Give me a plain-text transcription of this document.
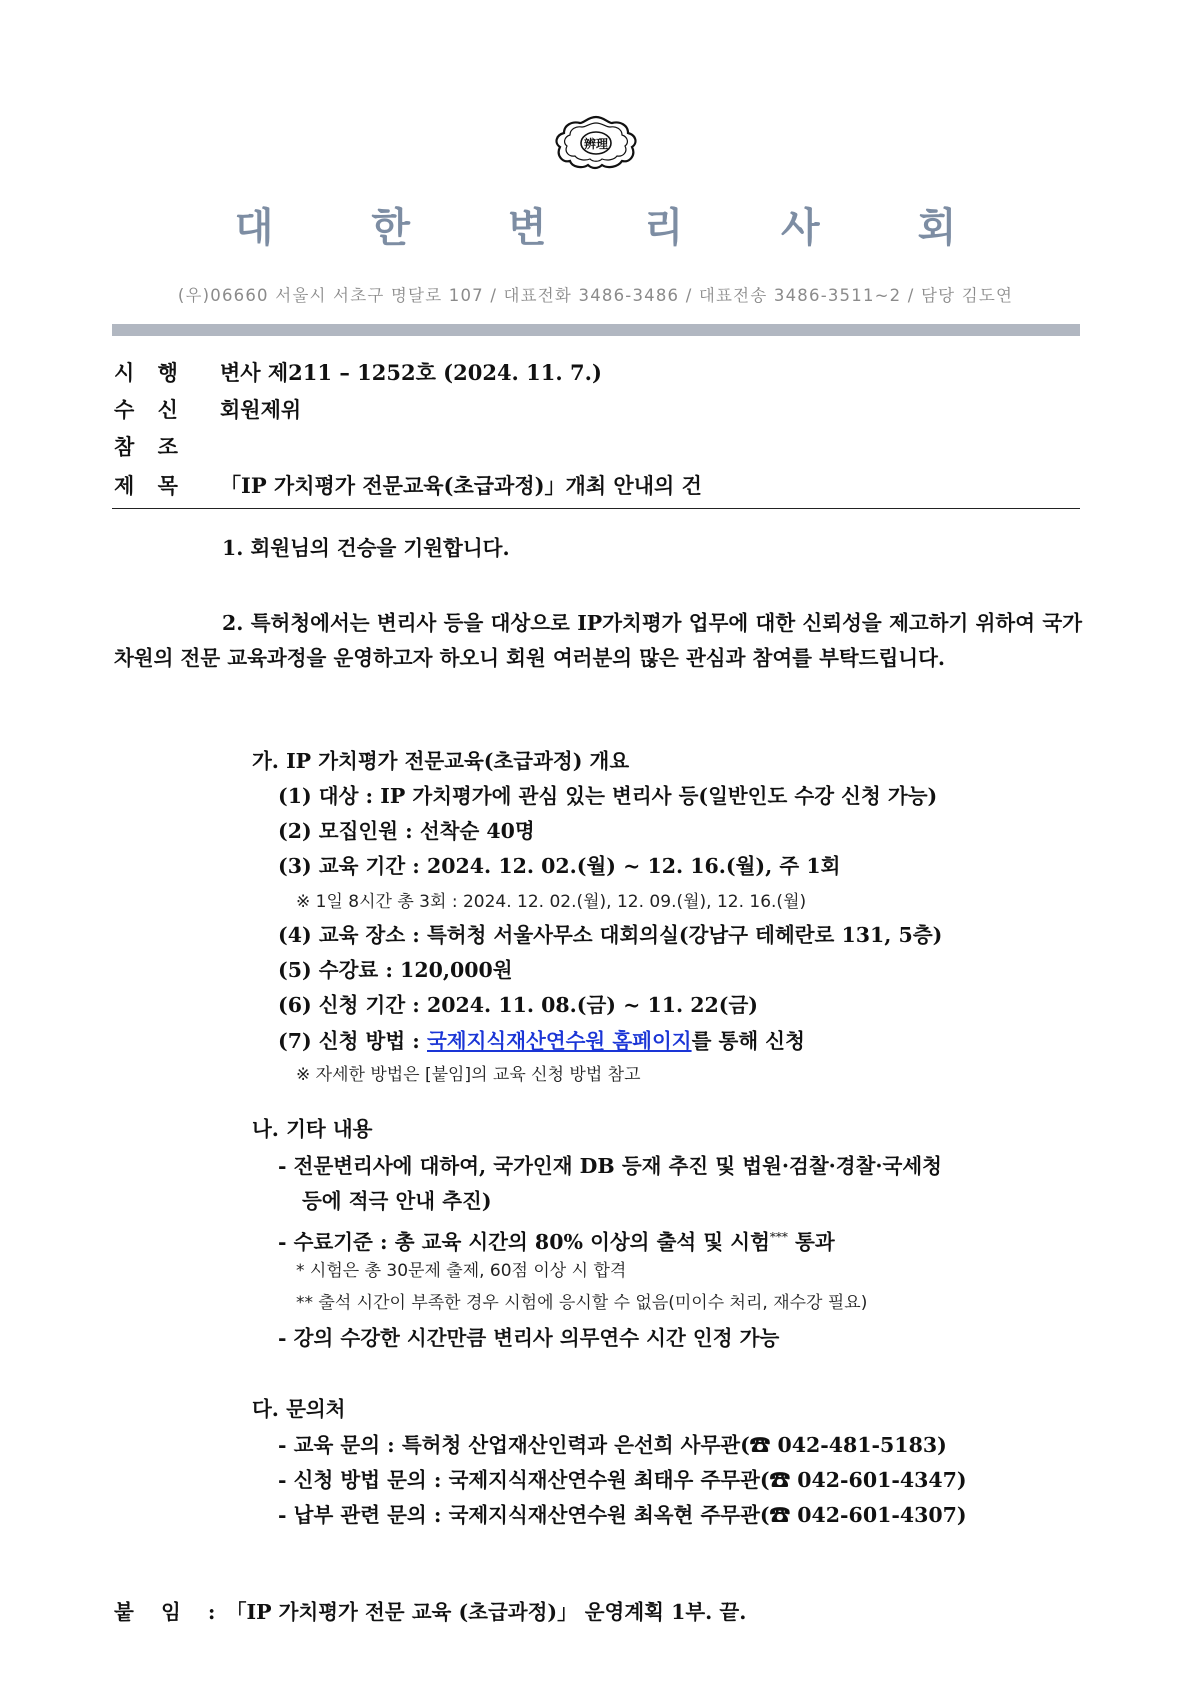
辨理
대 한 변 리 사 회
(우)06660 서울시 서초구 명달로 107 / 대표전화 3486-3486 / 대표전송 3486-3511~2 / 담당 김도연
시 행 변사 제211 – 1252호 (2024. 11. 7.)
수 신 회원제위
참 조
제 목 「IP 가치평가 전문교육(초급과정)」개최 안내의 건
1. 회원님의 건승을 기원합니다.
2. 특허청에서는 변리사 등을 대상으로 IP가치평가 업무에 대한 신뢰성을 제고하기 위하여 국가 차원의 전문 교육과정을 운영하고자 하오니 회원 여러분의 많은 관심과 참여를 부탁드립니다.
가. IP 가치평가 전문교육(초급과정) 개요
(1) 대상 : IP 가치평가에 관심 있는 변리사 등(일반인도 수강 신청 가능)
(2) 모집인원 : 선착순 40명
(3) 교육 기간 : 2024. 12. 02.(월) ~ 12. 16.(월), 주 1회
※ 1일 8시간 총 3회 : 2024. 12. 02.(월), 12. 09.(월), 12. 16.(월)
(4) 교육 장소 : 특허청 서울사무소 대회의실(강남구 테헤란로 131, 5층)
(5) 수강료 : 120,000원
(6) 신청 기간 : 2024. 11. 08.(금) ~ 11. 22(금)
(7) 신청 방법 : 국제지식재산연수원 홈페이지를 통해 신청
※ 자세한 방법은 [붙임]의 교육 신청 방법 참고
나. 기타 내용
- 전문변리사에 대하여, 국가인재 DB 등재 추진 및 법원·검찰·경찰·국세청
등에 적극 안내 추진)
- 수료기준 : 총 교육 시간의 80% 이상의 출석 및 시험*** 통과
* 시험은 총 30문제 출제, 60점 이상 시 합격
** 출석 시간이 부족한 경우 시험에 응시할 수 없음(미이수 처리, 재수강 필요)
- 강의 수강한 시간만큼 변리사 의무연수 시간 인정 가능
다. 문의처
- 교육 문의 : 특허청 산업재산인력과 은선희 사무관(☎ 042-481-5183)
- 신청 방법 문의 : 국제지식재산연수원 최태우 주무관(☎ 042-601-4347)
- 납부 관련 문의 : 국제지식재산연수원 최옥현 주무관(☎ 042-601-4307)
붙 임 :「IP 가치평가 전문 교육 (초급과정)」 운영계획 1부. 끝.
